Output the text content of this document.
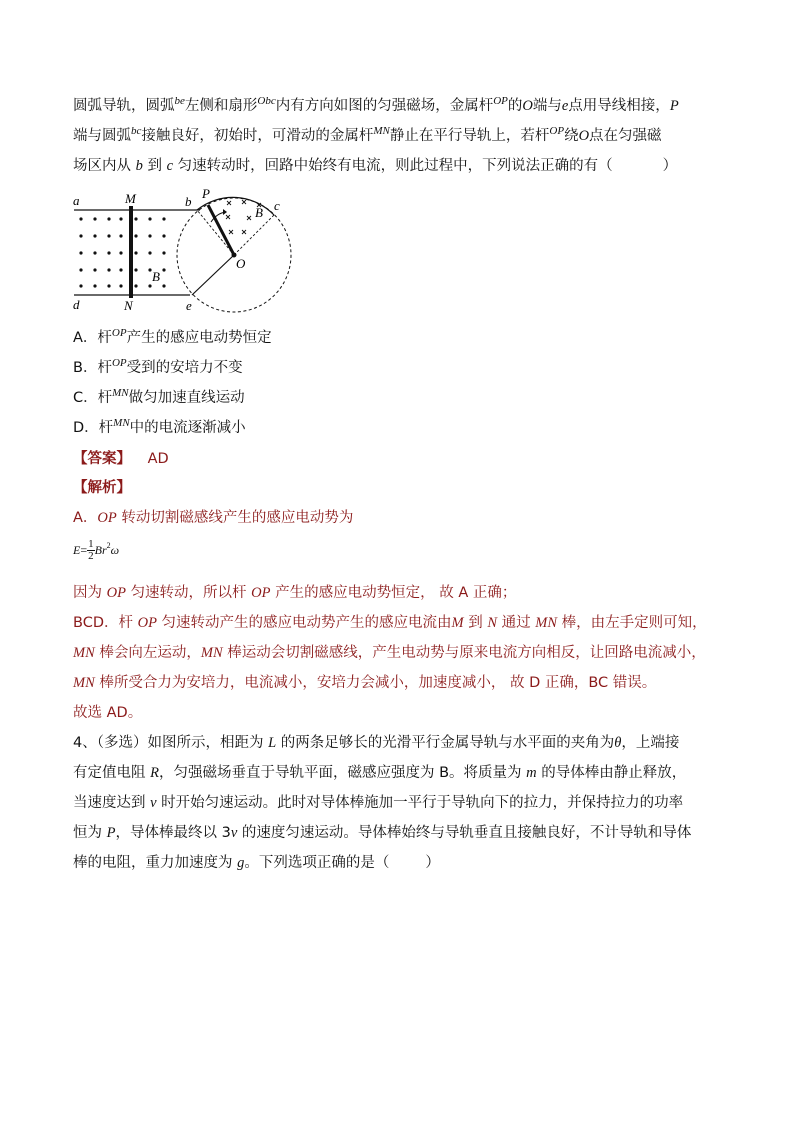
圆弧导轨，圆弧$^{be}$左侧和扇形$^{Obc}$内有方向如图的匀强磁场，金属杆$^{OP}$的O端与e点用导线相接，P
端与圆弧$^{bc}$接触良好，初始时，可滑动的金属杆$^{MN}$静止在平行导轨上，若杆$^{OP}$绕O点在匀强磁
场区内从 b 到 c 匀速转动时，回路中始终有电流，则此过程中，下列说法正确的有（	）
a	M	b
P
B c
O
B
d	N	e
A．杆$^{OP}$产生的感应电动势恒定
B．杆$^{OP}$受到的安培力不变
C．杆$^{MN}$做匀加速直线运动
D．杆$^{MN}$中的电流逐渐减小
【答案】 AD
【解析】
A．OP 转动切割磁感线产生的感应电动势为
$E= \frac{1}{2} Br^2\omega$
因为 OP 匀速转动，所以杆 OP 产生的感应电动势恒定， 故 A 正确；
BCD．杆 OP 匀速转动产生的感应电动势产生的感应电流由M 到 N 通过 MN 棒，由左手定则可知，
MN 棒会向左运动，MN 棒运动会切割磁感线，产生电动势与原来电流方向相反，让回路电流减小，
MN 棒所受合力为安培力，电流减小，安培力会减小，加速度减小， 故 D 正确，BC 错误。
故选 AD。
4、（多选）如图所示，相距为 L 的两条足够长的光滑平行金属导轨与水平面的夹角为θ，上端接
有定值电阻 R，匀强磁场垂直于导轨平面，磁感应强度为 B。将质量为 m 的导体棒由静止释放，
当速度达到 v 时开始匀速运动。此时对导体棒施加一平行于导轨向下的拉力，并保持拉力的功率
恒为 P，导体棒最终以 3v 的速度匀速运动。导体棒始终与导轨垂直且接触良好，不计导轨和导体
棒的电阻，重力加速度为 g。下列选项正确的是（ ）
